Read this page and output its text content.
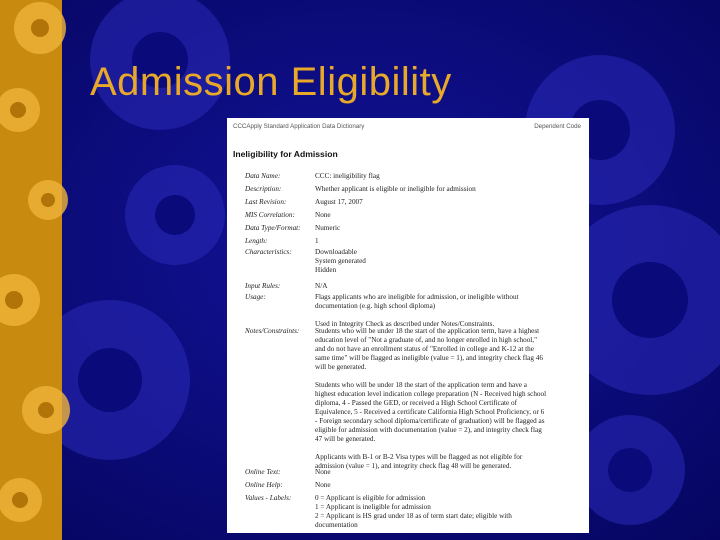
Admission Eligibility
CCCApply Standard Application Data Dictionary	Dependent Code
Ineligibility for Admission
Data Name:	CCC: ineligibility flag
Description:	Whether applicant is eligible or ineligible for admission
Last Revision:	August 17, 2007
MIS Correlation:	None
Data Type/Format:	Numeric
Length:	1
Characteristics:	Downloadable
System generated
Hidden
Input Rules:	N/A
Usage:	Flags applicants who are ineligible for admission, or ineligible without
documentation (e.g. high school diploma)

Used in Integrity Check as described under Notes/Constraints.
Notes/Constraints:	Students who will be under 18 the start of the application term, have a highest
education level of "Not a graduate of, and no longer enrolled in high school,"
and do not have an enrollment status of "Enrolled in college and K-12 at the
same time" will be flagged as ineligible (value = 1), and integrity check flag 46
will be generated.

Students who will be under 18 the start of the application term and have a
highest education level indication college preparation (N - Received high school
diploma, 4 - Passed the GED, or received a High School Certificate of
Equivalence, 5 - Received a certificate California High School Proficiency, or 6
- Foreign secondary school diploma/certificate of graduation) will be flagged as
eligible for admission with documentation (value = 2), and integrity check flag
47 will be generated.

Applicants with B-1 or B-2 Visa types will be flagged as not eligible for
admission (value = 1), and integrity check flag 48 will be generated.
Online Text:	None
Online Help:	None
Values - Labels:	0 = Applicant is eligible for admission
1 = Applicant is ineligible for admission
2 = Applicant is HS grad under 18 as of term start date; eligible with
documentation
